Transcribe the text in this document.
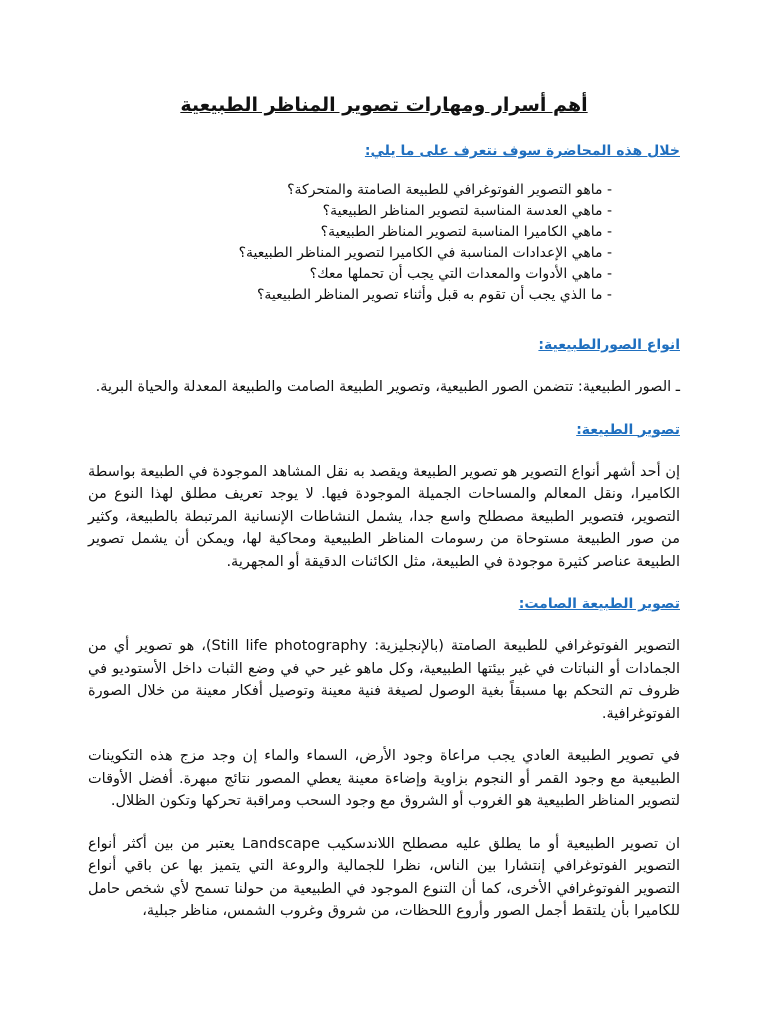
أهم أسرار ومهارات تصوير المناظر الطبيعية

خلال هذه المحاضرة سوف نتعرف على ما يلي:

- ماهو التصوير الفوتوغرافي للطبيعة الصامتة والمتحركة؟
- ماهي العدسة المناسبة لتصوير المناظر الطبيعية؟
- ماهي الكاميرا المناسبة لتصوير المناظر الطبيعية؟
- ماهي الإعدادات المناسبة في الكاميرا لتصوير المناظر الطبيعية؟
- ماهي الأدوات والمعدات التي يجب أن تحملها معك؟
- ما الذي يجب أن تقوم به قبل وأثناء تصوير المناظر الطبيعية؟

انواع الصورالطبيعية:

ـ الصور الطبيعية: تتضمن الصور الطبيعية، وتصوير الطبيعة الصامت والطبيعة المعدلة والحياة البرية.

تصوير الطبيعة:

إن أحد أشهر أنواع التصوير هو تصوير الطبيعة ويقصد به نقل المشاهد الموجودة في الطبيعة بواسطة الكاميرا، ونقل المعالم والمساحات الجميلة الموجودة فيها. لا يوجد تعريف مطلق لهذا النوع من التصوير، فتصوير الطبيعة مصطلح واسع جدا، يشمل النشاطات الإنسانية المرتبطة بالطبيعة، وكثير من صور الطبيعة مستوحاة من رسومات المناظر الطبيعية ومحاكية لها، ويمكن أن يشمل تصوير الطبيعة عناصر كثيرة موجودة في الطبيعة، مثل الكائنات الدقيقة أو المجهرية.

تصوير الطبيعة الصامت:

التصوير الفوتوغرافي للطبيعة الصامتة (بالإنجليزية: Still life photography)، هو تصوير أي من الجمادات أو النباتات في غير بيئتها الطبيعية، وكل ماهو غير حي في وضع الثبات داخل الأستوديو في ظروف تم التحكم بها مسبقاً بغية الوصول لصيغة فنية معينة وتوصيل أفكار معينة من خلال الصورة الفوتوغرافية.

في تصوير الطبيعة العادي يجب مراعاة وجود الأرض، السماء والماء إن وجد مزج هذه التكوينات الطبيعية مع وجود القمر أو النجوم بزاوية وإضاءة معينة يعطي المصور نتائج مبهرة. أفضل الأوقات لتصوير المناظر الطبيعية هو الغروب أو الشروق مع وجود السحب ومراقبة تحركها وتكون الظلال.

ان تصوير الطبيعية أو ما يطلق عليه مصطلح اللاندسكيب Landscape يعتبر من بين أكثر أنواع التصوير الفوتوغرافي إنتشارا بين الناس، نظرا للجمالية والروعة التي يتميز بها عن باقي أنواع التصوير الفوتوغرافي الأخرى، كما أن التنوع الموجود في الطبيعية من حولنا تسمح لأي شخص حامل للكاميرا بأن يلتقط أجمل الصور وأروع اللحظات، من شروق وغروب الشمس، مناظر جبلية،
